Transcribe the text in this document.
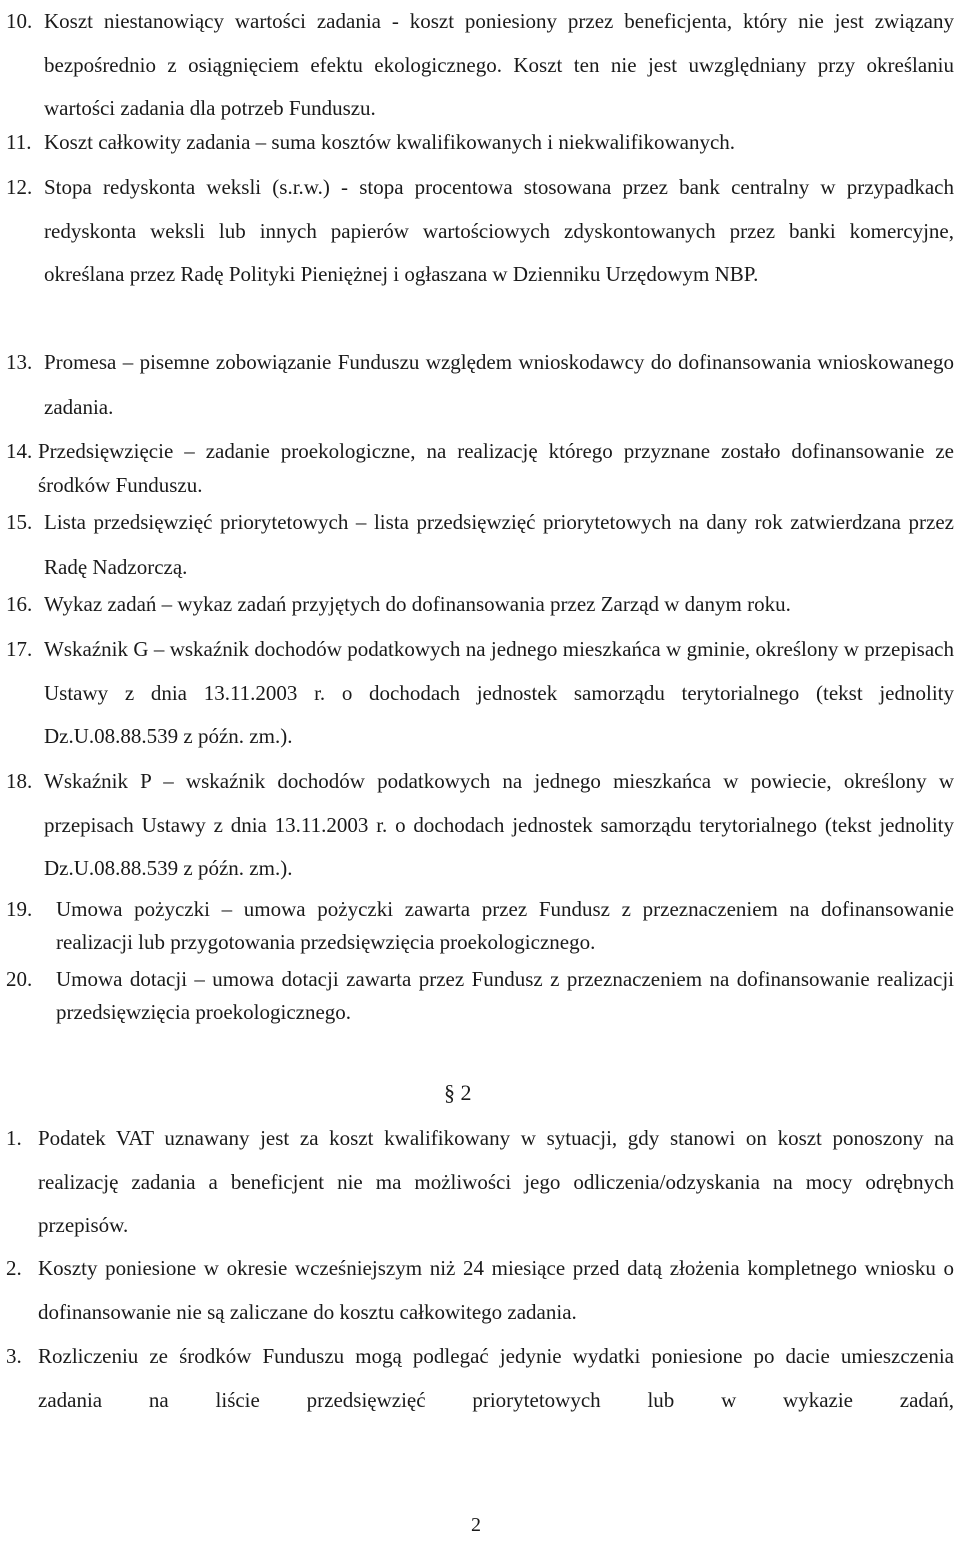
10. Koszt niestanowiący wartości zadania - koszt poniesiony przez beneficjenta, który nie jest związany bezpośrednio z osiągnięciem efektu ekologicznego. Koszt ten nie jest uwzględniany przy określaniu wartości zadania dla potrzeb Funduszu.
11. Koszt całkowity zadania – suma kosztów kwalifikowanych i niekwalifikowanych.
12. Stopa redyskonta weksli (s.r.w.) - stopa procentowa stosowana przez bank centralny w przypadkach redyskonta weksli lub innych papierów wartościowych zdyskontowanych przez banki komercyjne, określana przez Radę Polityki Pieniężnej i ogłaszana w Dzienniku Urzędowym NBP.
13. Promesa – pisemne zobowiązanie Funduszu względem wnioskodawcy do dofinansowania wnioskowanego zadania.
14. Przedsięwzięcie – zadanie proekologiczne, na realizację którego przyznane zostało dofinansowanie ze środków Funduszu.
15. Lista przedsięwzięć priorytetowych – lista przedsięwzięć priorytetowych na dany rok zatwierdzana przez Radę Nadzorczą.
16. Wykaz zadań – wykaz zadań przyjętych do dofinansowania przez Zarząd w danym roku.
17. Wskaźnik G – wskaźnik dochodów podatkowych na jednego mieszkańca w gminie, określony w przepisach Ustawy z dnia 13.11.2003 r. o dochodach jednostek samorządu terytorialnego (tekst jednolity Dz.U.08.88.539 z późn. zm.).
18. Wskaźnik P – wskaźnik dochodów podatkowych na jednego mieszkańca w powiecie, określony w przepisach Ustawy z dnia 13.11.2003 r. o dochodach jednostek samorządu terytorialnego (tekst jednolity Dz.U.08.88.539 z późn. zm.).
19.	Umowa pożyczki – umowa pożyczki zawarta przez Fundusz z przeznaczeniem na dofinansowanie realizacji lub przygotowania przedsięwzięcia proekologicznego.
20.	Umowa dotacji – umowa dotacji zawarta przez Fundusz z przeznaczeniem na dofinansowanie realizacji przedsięwzięcia proekologicznego.
§ 2
1. Podatek VAT uznawany jest za koszt kwalifikowany w sytuacji, gdy stanowi on koszt ponoszony na realizację zadania a beneficjent nie ma możliwości jego odliczenia/odzyskania na mocy odrębnych przepisów.
2. Koszty poniesione w okresie wcześniejszym niż 24 miesiące przed datą złożenia kompletnego wniosku o dofinansowanie nie są zaliczane do kosztu całkowitego zadania.
3. Rozliczeniu ze środków Funduszu mogą podlegać jedynie wydatki poniesione po dacie umieszczenia zadania na liście przedsięwzięć priorytetowych lub w wykazie zadań,
2
